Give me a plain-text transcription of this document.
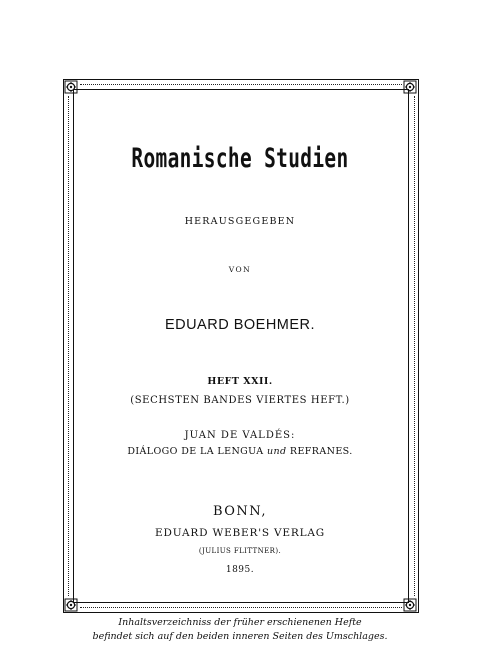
Romanische Studien
HERAUSGEGEBEN
VON
EDUARD BOEHMER.
HEFT XXII.
(SECHSTEN BANDES VIERTES HEFT.)
JUAN DE VALDÉS:
DIÁLOGO DE LA LENGUA und REFRANES.
BONN,
EDUARD WEBER'S VERLAG
(JULIUS FLITTNER).
1895.
Inhaltsverzeichniss der früher erschienenen Hefte
befindet sich auf den beiden inneren Seiten des Umschlages.
